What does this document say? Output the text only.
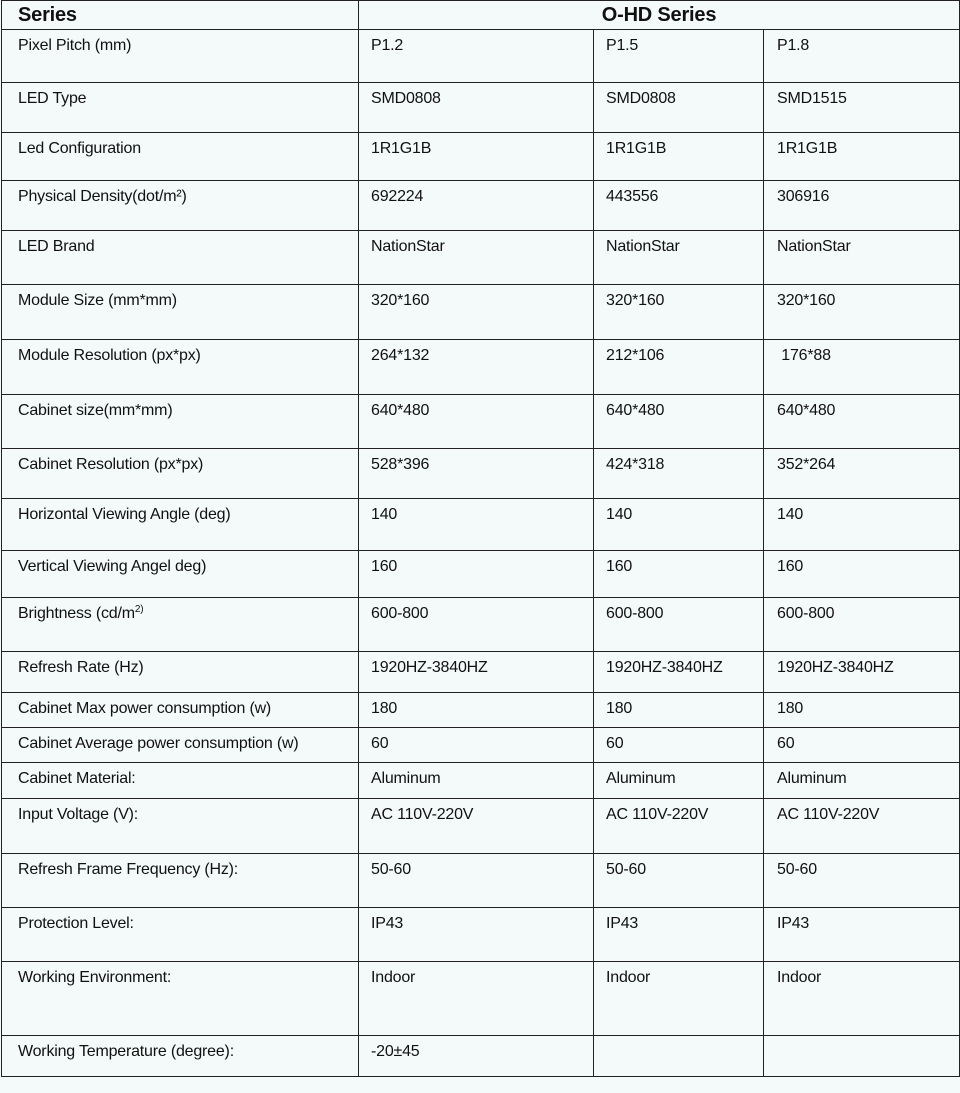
Series	O-HD Series		
Pixel Pitch (mm)	P1.2	P1.5	P1.8
LED Type	SMD0808	SMD0808	SMD1515
Led Configuration	1R1G1B	1R1G1B	1R1G1B
Physical Density(dot/m²)	692224	443556	306916
LED Brand	NationStar	NationStar	NationStar
Module Size (mm*mm)	320*160	320*160	320*160
Module Resolution (px*px)	264*132	212*106	176*88
Cabinet size(mm*mm)	640*480	640*480	640*480
Cabinet Resolution (px*px)	528*396	424*318	352*264
Horizontal Viewing Angle (deg)	140	140	140
Vertical Viewing Angel deg)	160	160	160
Brightness ($cd/m^{2)}$	600-800	600-800	600-800
Refresh Rate (Hz)	1920HZ-3840HZ	1920HZ-3840HZ	1920HZ-3840HZ
Cabinet Max power consumption (w)	180	180	180
Cabinet Average power consumption (w)	60	60	60
Cabinet Material:	Aluminum	Aluminum	Aluminum
Input Voltage (V):	AC 110V-220V	AC 110V-220V	AC 110V-220V
Refresh Frame Frequency (Hz):	50-60	50-60	50-60
Protection Level:	IP43	IP43	IP43
Working Environment:	Indoor	Indoor	Indoor
Working Temperature (degree):	-20±45		
